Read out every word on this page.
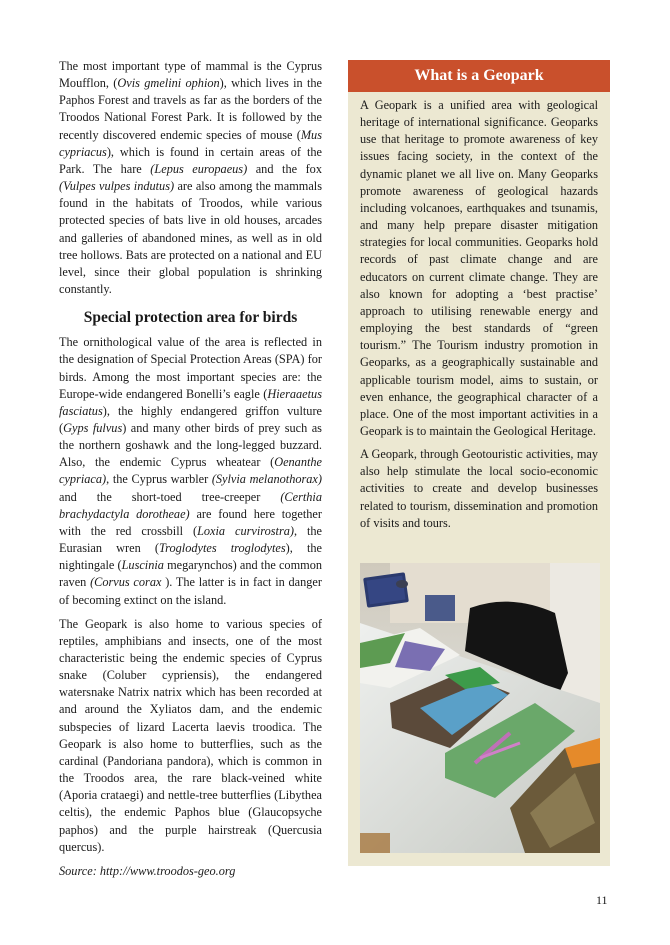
The most important type of mammal is the Cyprus Moufflon, (Ovis gmelini ophion), which lives in the Paphos Forest and travels as far as the borders of the Troodos National Forest Park. It is followed by the recently discovered endemic species of mouse (Mus cypriacus), which is found in certain areas of the Park. The hare (Lepus europaeus) and the fox (Vulpes vulpes indutus) are also among the mammals found in the habitats of Troodos, while various protected species of bats live in old houses, arcades and galleries of abandoned mines, as well as in old tree hollows. Bats are protected on a national and EU level, since their global population is shrinking constantly.

Special protection area for birds

The ornithological value of the area is reflected in the designation of Special Protection Areas (SPA) for birds. Among the most important species are: the Europe-wide endangered Bonelli’s eagle (Hieraaetus fasciatus), the highly endangered griffon vulture (Gyps fulvus) and many other birds of prey such as the northern goshawk and the long-legged buzzard. Also, the endemic Cyprus wheatear (Oenanthe cypriaca), the Cyprus warbler (Sylvia melanothorax) and the short-toed tree-creeper (Certhia brachydactyla dorotheae) are found here together with the red crossbill (Loxia curvirostra), the Eurasian wren (Troglodytes troglodytes), the nightingale (Luscinia megarynchos) and the common raven (Corvus corax ). The latter is in fact in danger of becoming extinct on the island.

The Geopark is also home to various species of reptiles, amphibians and insects, one of the most characteristic being the endemic species of Cyprus snake (Coluber cypriensis), the endangered watersnake Natrix natrix which has been recorded at and around the Xyliatos dam, and the endemic subspecies of lizard Lacerta laevis troodica. The Geopark is also home to butterflies, such as the cardinal (Pandoriana pandora), which is common in the Troodos area, the rare black-veined white (Aporia crataegi) and nettle-tree butterflies (Libythea celtis), the endemic Paphos blue (Glaucopsyche paphos) and the purple hairstreak (Quercusia quercus).

Source: http://www.troodos-geo.org

What is a Geopark

A Geopark is a unified area with geological heritage of international significance. Geoparks use that heritage to promote awareness of key issues facing society, in the context of the dynamic planet we all live on. Many Geoparks promote awareness of geological hazards including volcanoes, earthquakes and tsunamis, and many help prepare disaster mitigation strategies for local communities. Geoparks hold records of past climate change and are educators on current climate change. They are also known for adopting a ‘best practise’ approach to utilising renewable energy and employing the best standards of “green tourism.” The Tourism industry promotion in Geoparks, as a geographically sustainable and applicable tourism model, aims to sustain, or even enhance, the geographical character of a place. One of the most important activities in a Geopark is to maintain the Geological Heritage.

A Geopark, through Geotouristic activities, may also help stimulate the local socio-economic activities to create and develop businesses related to tourism, dissemination and promotion of visits and tours.

11
